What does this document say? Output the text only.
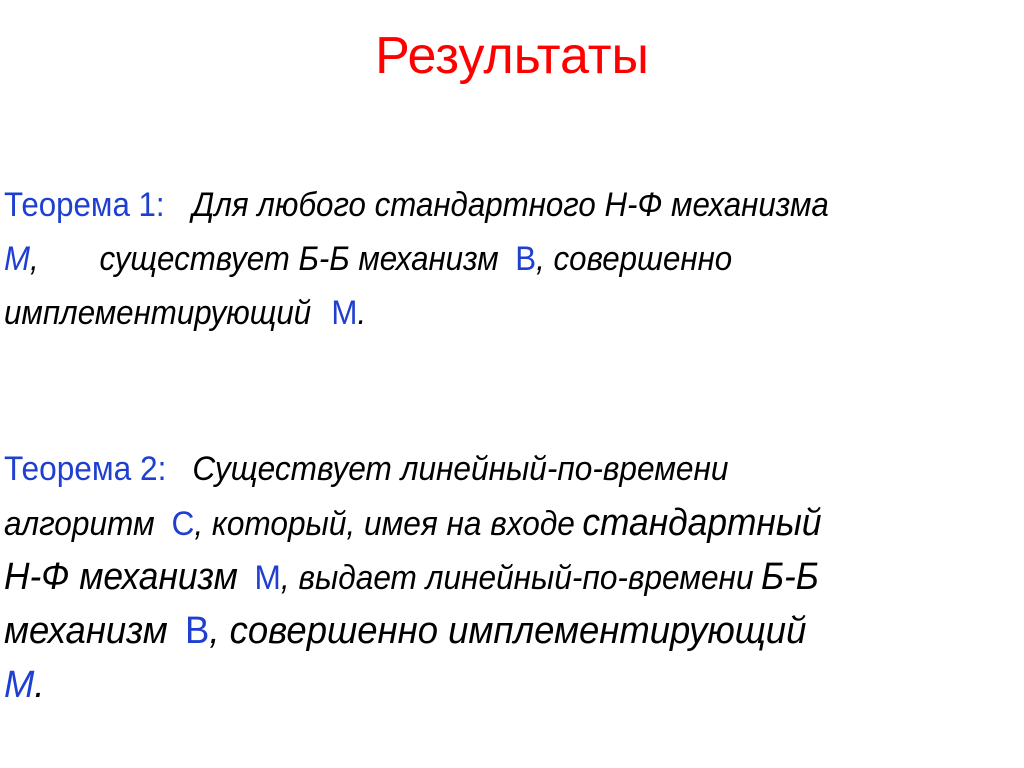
Результаты
Теорема 1: Для любого стандартного Н-Ф механизма
М, существует Б-Б механизм В, совершенно
имплементирующий М.
Теорема 2: Существует линейный-по-времени
алгоритм С, который, имея на входе стандартный
Н-Ф механизм М, выдает линейный-по-времени Б-Б
механизм В, совершенно имплементирующий
М.
